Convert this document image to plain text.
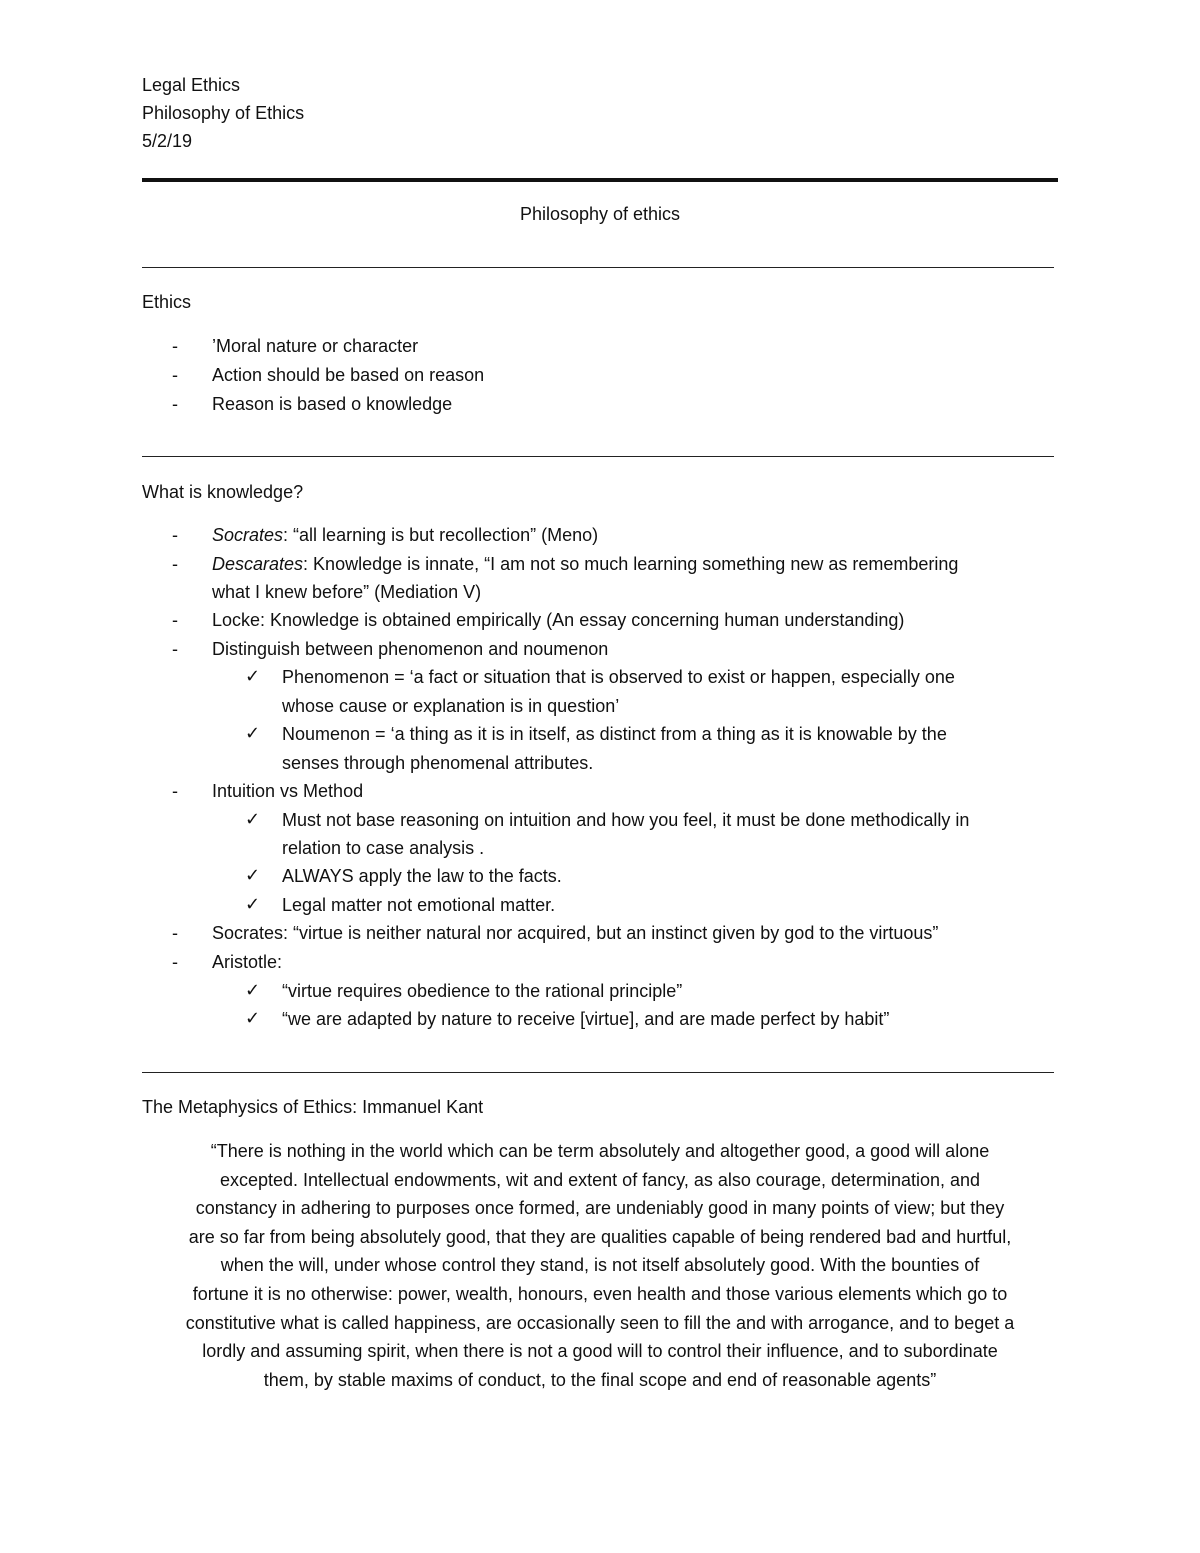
Legal Ethics
Philosophy of Ethics
5/2/19
Philosophy of ethics
Ethics
- ’Moral nature or character
- Action should be based on reason
- Reason is based o knowledge
What is knowledge?
- Socrates: “all learning is but recollection” (Meno)
- Descarates: Knowledge is innate, “I am not so much learning something new as remembering
what I knew before” (Mediation V)
- Locke: Knowledge is obtained empirically (An essay concerning human understanding)
- Distinguish between phenomenon and noumenon
✓ Phenomenon = ‘a fact or situation that is observed to exist or happen, especially one
whose cause or explanation is in question’
✓ Noumenon = ‘a thing as it is in itself, as distinct from a thing as it is knowable by the
senses through phenomenal attributes.
- Intuition vs Method
✓ Must not base reasoning on intuition and how you feel, it must be done methodically in
relation to case analysis .
✓ ALWAYS apply the law to the facts.
✓ Legal matter not emotional matter.
- Socrates: “virtue is neither natural nor acquired, but an instinct given by god to the virtuous”
- Aristotle:
✓ “virtue requires obedience to the rational principle”
✓ “we are adapted by nature to receive [virtue], and are made perfect by habit”
The Metaphysics of Ethics: Immanuel Kant
“There is nothing in the world which can be term absolutely and altogether good, a good will alone
excepted. Intellectual endowments, wit and extent of fancy, as also courage, determination, and
constancy in adhering to purposes once formed, are undeniably good in many points of view; but they
are so far from being absolutely good, that they are qualities capable of being rendered bad and hurtful,
when the will, under whose control they stand, is not itself absolutely good. With the bounties of
fortune it is no otherwise: power, wealth, honours, even health and those various elements which go to
constitutive what is called happiness, are occasionally seen to fill the and with arrogance, and to beget a
lordly and assuming spirit, when there is not a good will to control their influence, and to subordinate
them, by stable maxims of conduct, to the final scope and end of reasonable agents”
